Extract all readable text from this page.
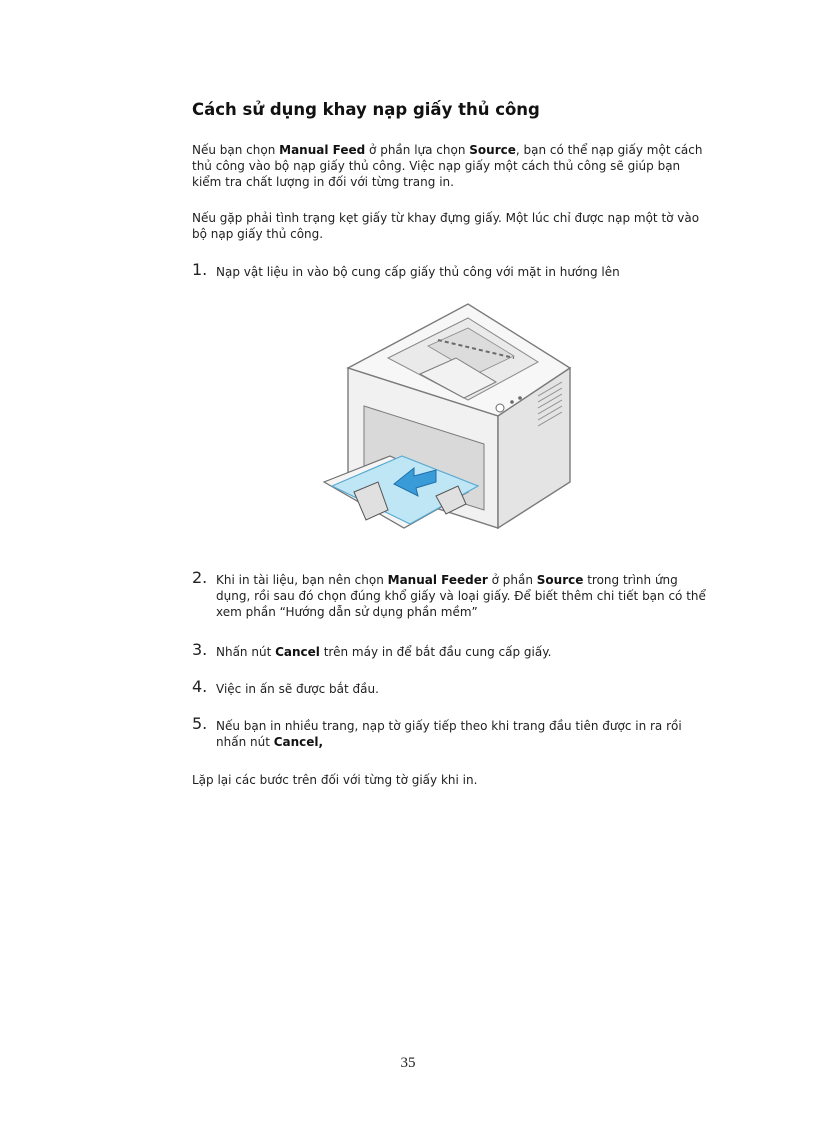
Cách sử dụng khay nạp giấy thủ công

Nếu bạn chọn Manual Feed ở phần lựa chọn Source, bạn có thể nạp giấy một cách thủ công vào bộ nạp giấy thủ công. Việc nạp giấy một cách thủ công sẽ giúp bạn kiểm tra chất lượng in đối với từng trang in.

Nếu gặp phải tình trạng kẹt giấy từ khay đựng giấy. Một lúc chỉ được nạp một tờ vào bộ nạp giấy thủ công.

1. Nạp vật liệu in vào bộ cung cấp giấy thủ công với mặt in hướng lên
2. Khi in tài liệu, bạn nên chọn Manual Feeder ở phần Source trong trình ứng dụng, rồi sau đó chọn đúng khổ giấy và loại giấy. Để biết thêm chi tiết bạn có thể xem phần “Hướng dẫn sử dụng phần mềm”
3. Nhấn nút Cancel trên máy in để bắt đầu cung cấp giấy.
4. Việc in ấn sẽ được bắt đầu.
5. Nếu bạn in nhiều trang, nạp tờ giấy tiếp theo khi trang đầu tiên được in ra rồi nhấn nút Cancel,

Lặp lại các bước trên đối với từng tờ giấy khi in.

35
